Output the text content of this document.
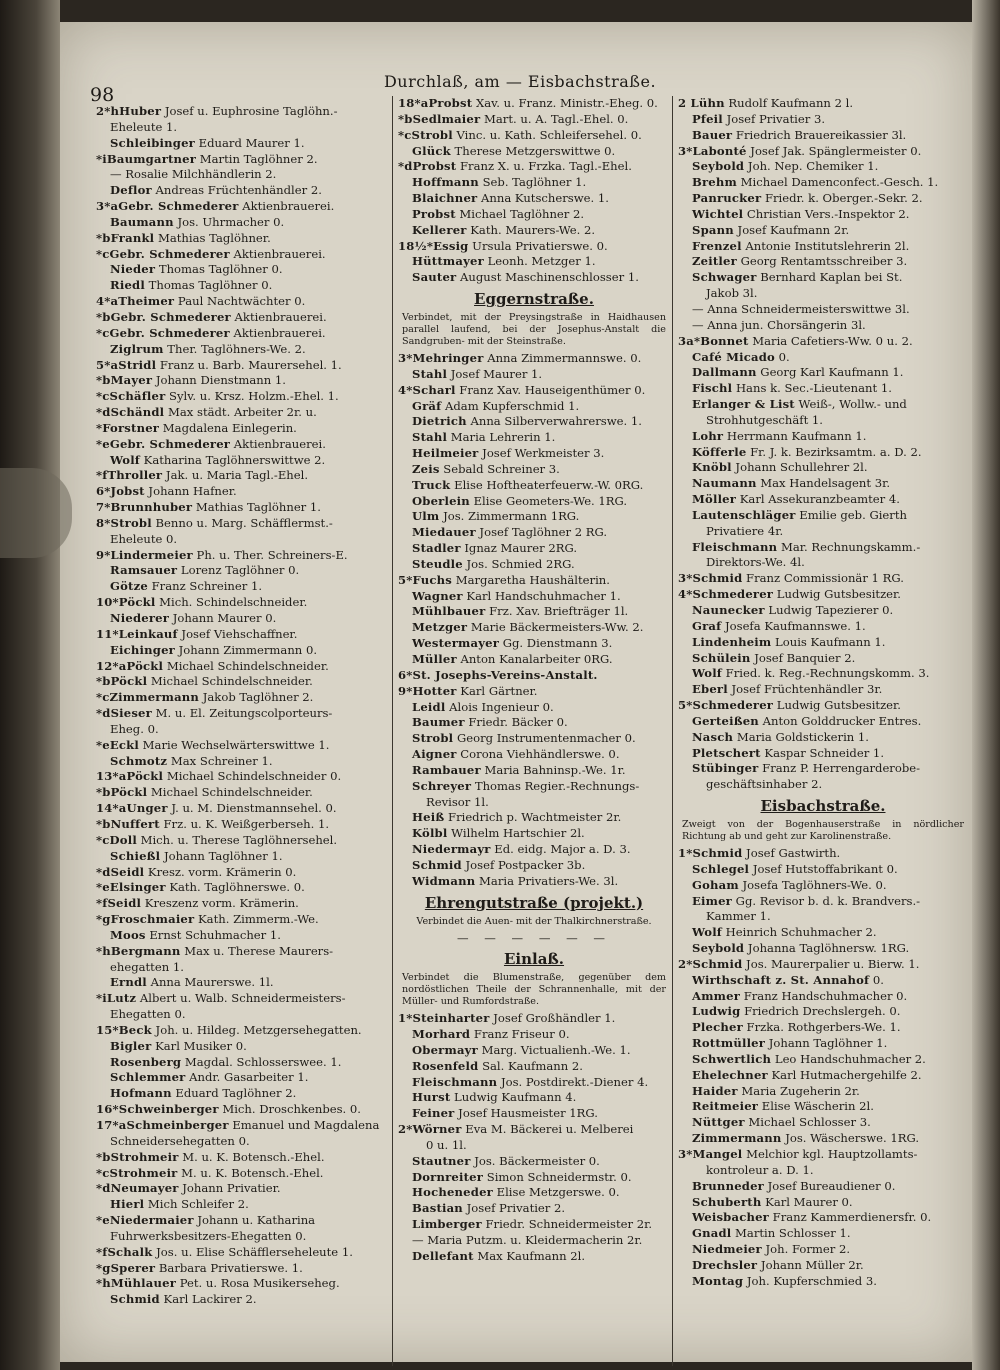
98
Durchlaß, am — Eisbachstraße.
2*hHuber Josef u. Euphrosine Taglöhn.-
Eheleute 1.
Schleibinger Eduard Maurer 1.
*iBaumgartner Martin Taglöhner 2.
— Rosalie Milchhändlerin 2.
Deflor Andreas Früchtenhändler 2.
3*aGebr. Schmederer Aktienbrauerei.
Baumann Jos. Uhrmacher 0.
*bFrankl Mathias Taglöhner.
*cGebr. Schmederer Aktienbrauerei.
Nieder Thomas Taglöhner 0.
Riedl Thomas Taglöhner 0.
4*aTheimer Paul Nachtwächter 0.
*bGebr. Schmederer Aktienbrauerei.
*cGebr. Schmederer Aktienbrauerei.
Ziglrum Ther. Taglöhners-We. 2.
5*aStridl Franz u. Barb. Maurersehel. 1.
*bMayer Johann Dienstmann 1.
*cSchäfler Sylv. u. Krsz. Holzm.-Ehel. 1.
*dSchändl Max städt. Arbeiter 2r. u.
*Forstner Magdalena Einlegerin.
*eGebr. Schmederer Aktienbrauerei.
Wolf Katharina Taglöhnerswittwe 2.
*fThroller Jak. u. Maria Tagl.-Ehel.
6*Jobst Johann Hafner.
7*Brunnhuber Mathias Taglöhner 1.
8*Strobl Benno u. Marg. Schäfflermst.-
Eheleute 0.
9*Lindermeier Ph. u. Ther. Schreiners-E.
Ramsauer Lorenz Taglöhner 0.
Götze Franz Schreiner 1.
10*Pöckl Mich. Schindelschneider.
Niederer Johann Maurer 0.
11*Leinkauf Josef Viehschaffner.
Eichinger Johann Zimmermann 0.
12*aPöckl Michael Schindelschneider.
*bPöckl Michael Schindelschneider.
*cZimmermann Jakob Taglöhner 2.
*dSieser M. u. El. Zeitungscolporteurs-
Eheg. 0.
*eEckl Marie Wechselwärterswittwe 1.
Schmotz Max Schreiner 1.
13*aPöckl Michael Schindelschneider 0.
*bPöckl Michael Schindelschneider.
14*aUnger J. u. M. Dienstmannsehel. 0.
*bNuffert Frz. u. K. Weißgerberseh. 1.
*cDoll Mich. u. Therese Taglöhnersehel.
Schießl Johann Taglöhner 1.
*dSeidl Kresz. vorm. Krämerin 0.
*eElsinger Kath. Taglöhnerswe. 0.
*fSeidl Kreszenz vorm. Krämerin.
*gFroschmaier Kath. Zimmerm.-We.
Moos Ernst Schuhmacher 1.
*hBergmann Max u. Therese Maurers-
ehegatten 1.
Erndl Anna Maurerswe. 1l.
*iLutz Albert u. Walb. Schneidermeisters-
Ehegatten 0.
15*Beck Joh. u. Hildeg. Metzgersehegatten.
Bigler Karl Musiker 0.
Rosenberg Magdal. Schlossersweе. 1.
Schlemmer Andr. Gasarbeiter 1.
Hofmann Eduard Taglöhner 2.
16*Schweinberger Mich. Droschkenbes. 0.
17*aSchmeinberger Emanuel und Magdalena
Schneidersehegatten 0.
*bStrohmeir M. u. K. Botensch.-Ehel.
*cStrohmeir M. u. K. Botensch.-Ehel.
*dNeumayer Johann Privatier.
Hierl Mich Schleifer 2.
*eNiedermaier Johann u. Katharina
Fuhrwerksbesitzers-Ehegatten 0.
*fSchalk Jos. u. Elise Schäfflerseheleute 1.
*gSperer Barbara Privatierswe. 1.
*hMühlauer Pet. u. Rosa Musikerseheg.
Schmid Karl Lackirer 2.
18*aProbst Xav. u. Franz. Ministr.-Eheg. 0.
*bSedlmaier Mart. u. A. Tagl.-Ehel. 0.
*cStrobl Vinc. u. Kath. Schleifersehel. 0.
Glück Therese Metzgerswittwe 0.
*dProbst Franz X. u. Frzka. Tagl.-Ehel.
Hoffmann Seb. Taglöhner 1.
Blaichner Anna Kutscherswe. 1.
Probst Michael Taglöhner 2.
Kellerer Kath. Maurers-We. 2.
18½*Essig Ursula Privatierswe. 0.
Hüttmayer Leonh. Metzger 1.
Sauter August Maschinenschlosser 1.
Eggernstraße.
Verbindet, mit der Preysingstraße in Haidhausen parallel laufend, bei der Josephus-Anstalt die Sandgruben- mit der Steinstraße.
3*Mehringer Anna Zimmermannswe. 0.
Stahl Josef Maurer 1.
4*Scharl Franz Xav. Hauseigenthümer 0.
Gräf Adam Kupferschmid 1.
Dietrich Anna Silberverwahrerswe. 1.
Stahl Maria Lehrerin 1.
Heilmeier Josef Werkmeister 3.
Zeis Sebald Schreiner 3.
Truck Elise Hoftheaterfeuerw.-W. 0RG.
Oberlein Elise Geometers-We. 1RG.
Ulm Jos. Zimmermann 1RG.
Miedauer Josef Taglöhner 2 RG.
Stadler Ignaz Maurer 2RG.
Steudle Jos. Schmied 2RG.
5*Fuchs Margaretha Haushälterin.
Wagner Karl Handschuhmacher 1.
Mühlbauer Frz. Xav. Briefträger 1l.
Metzger Marie Bäckermeisters-Ww. 2.
Westermayer Gg. Dienstmann 3.
Müller Anton Kanalarbeiter 0RG.
6*St. Josephs-Vereins-Anstalt.
9*Hotter Karl Gärtner.
Leidl Alois Ingenieur 0.
Baumer Friedr. Bäcker 0.
Strobl Georg Instrumentenmacher 0.
Aigner Corona Viehhändlerswe. 0.
Rambauer Maria Bahninsp.-We. 1r.
Schreyer Thomas Regier.-Rechnungs-
Revisor 1l.
Heiß Friedrich p. Wachtmeister 2r.
Kölbl Wilhelm Hartschier 2l.
Niedermayr Ed. eidg. Major a. D. 3.
Schmid Josef Postpacker 3b.
Widmann Maria Privatiers-We. 3l.
Ehrengutstraße (projekt.)
Verbindet die Auen- mit der Thalkirchnerstraße.
— — — — — —
Einlaß.
Verbindet die Blumenstraße, gegenüber dem nordöstlichen Theile der Schrannenhalle, mit der Müller- und Rumfordstraße.
1*Steinharter Josef Großhändler 1.
Morhard Franz Friseur 0.
Obermayr Marg. Victualienh.-We. 1.
Rosenfeld Sal. Kaufmann 2.
Fleischmann Jos. Postdirekt.-Diener 4.
Hurst Ludwig Kaufmann 4.
Feiner Josef Hausmeister 1RG.
2*Wörner Eva M. Bäckerei u. Melberei
0 u. 1l.
Stautner Jos. Bäckermeister 0.
Dornreiter Simon Schneidermstr. 0.
Hocheneder Elise Metzgerswe. 0.
Bastian Josef Privatier 2.
Limberger Friedr. Schneidermeister 2r.
— Maria Putzm. u. Kleidermacherin 2r.
Dellefant Max Kaufmann 2l.
2 Lühn Rudolf Kaufmann 2 l.
Pfeil Josef Privatier 3.
Bauer Friedrich Brauereikassier 3l.
3*Labonté Josef Jak. Spänglermeister 0.
Seybold Joh. Nep. Chemiker 1.
Brehm Michael Damenconfect.-Gesch. 1.
Panrucker Friedr. k. Oberger.-Sekr. 2.
Wichtel Christian Vers.-Inspektor 2.
Spann Josef Kaufmann 2r.
Frenzel Antonie Institutslehrerin 2l.
Zeitler Georg Rentamtsschreiber 3.
Schwager Bernhard Kaplan bei St.
Jakob 3l.
— Anna Schneidermeisterswittwe 3l.
— Anna jun. Chorsängerin 3l.
3a*Bonnet Maria Cafetiers-Ww. 0 u. 2.
Café Micado 0.
Dallmann Georg Karl Kaufmann 1.
Fischl Hans k. Sec.-Lieutenant 1.
Erlanger & List Weiß-, Wollw.- und
Strohhutgeschäft 1.
Lohr Herrmann Kaufmann 1.
Köfferle Fr. J. k. Bezirksamtm. a. D. 2.
Knöbl Johann Schullehrer 2l.
Naumann Max Handelsagent 3r.
Möller Karl Assekuranzbeamter 4.
Lautenschläger Emilie geb. Gierth
Privatiere 4r.
Fleischmann Mar. Rechnungskamm.-
Direktors-We. 4l.
3*Schmid Franz Commissionär 1 RG.
4*Schmederer Ludwig Gutsbesitzer.
Naunecker Ludwig Tapezierer 0.
Graf Josefa Kaufmannswe. 1.
Lindenheim Louis Kaufmann 1.
Schülein Josef Banquier 2.
Wolf Fried. k. Reg.-Rechnungskomm. 3.
Eberl Josef Früchtenhändler 3r.
5*Schmederer Ludwig Gutsbesitzer.
Gerteißen Anton Golddrucker Entres.
Nasch Maria Goldstickerin 1.
Pletschert Kaspar Schneider 1.
Stübinger Franz P. Herrengarderobe-
geschäftsinhaber 2.
Eisbachstraße.
Zweigt von der Bogenhauserstraße in nördlicher Richtung ab und geht zur Karolinenstraße.
1*Schmid Josef Gastwirth.
Schlegel Josef Hutstoffabrikant 0.
Goham Josefa Taglöhners-We. 0.
Eimer Gg. Revisor b. d. k. Brandvers.-
Kammer 1.
Wolf Heinrich Schuhmacher 2.
Seybold Johanna Taglöhnersw. 1RG.
2*Schmid Jos. Maurerpalier u. Bierw. 1.
Wirthschaft z. St. Annahof 0.
Ammer Franz Handschuhmacher 0.
Ludwig Friedrich Drechslergeh. 0.
Plecher Frzka. Rothgerbers-We. 1.
Rottmüller Johann Taglöhner 1.
Schwertlich Leo Handschuhmacher 2.
Ehelechner Karl Hutmachergehilfe 2.
Haider Maria Zugeherin 2r.
Reitmeier Elise Wäscherin 2l.
Nüttger Michael Schlosser 3.
Zimmermann Jos. Wäscherswe. 1RG.
3*Mangel Melchior kgl. Hauptzollamts-
kontroleur a. D. 1.
Brunneder Josef Bureaudiener 0.
Schuberth Karl Maurer 0.
Weisbacher Franz Kammerdienersfr. 0.
Gnadl Martin Schlosser 1.
Niedmeier Joh. Former 2.
Drechsler Johann Müller 2r.
Montag Joh. Kupferschmied 3.
